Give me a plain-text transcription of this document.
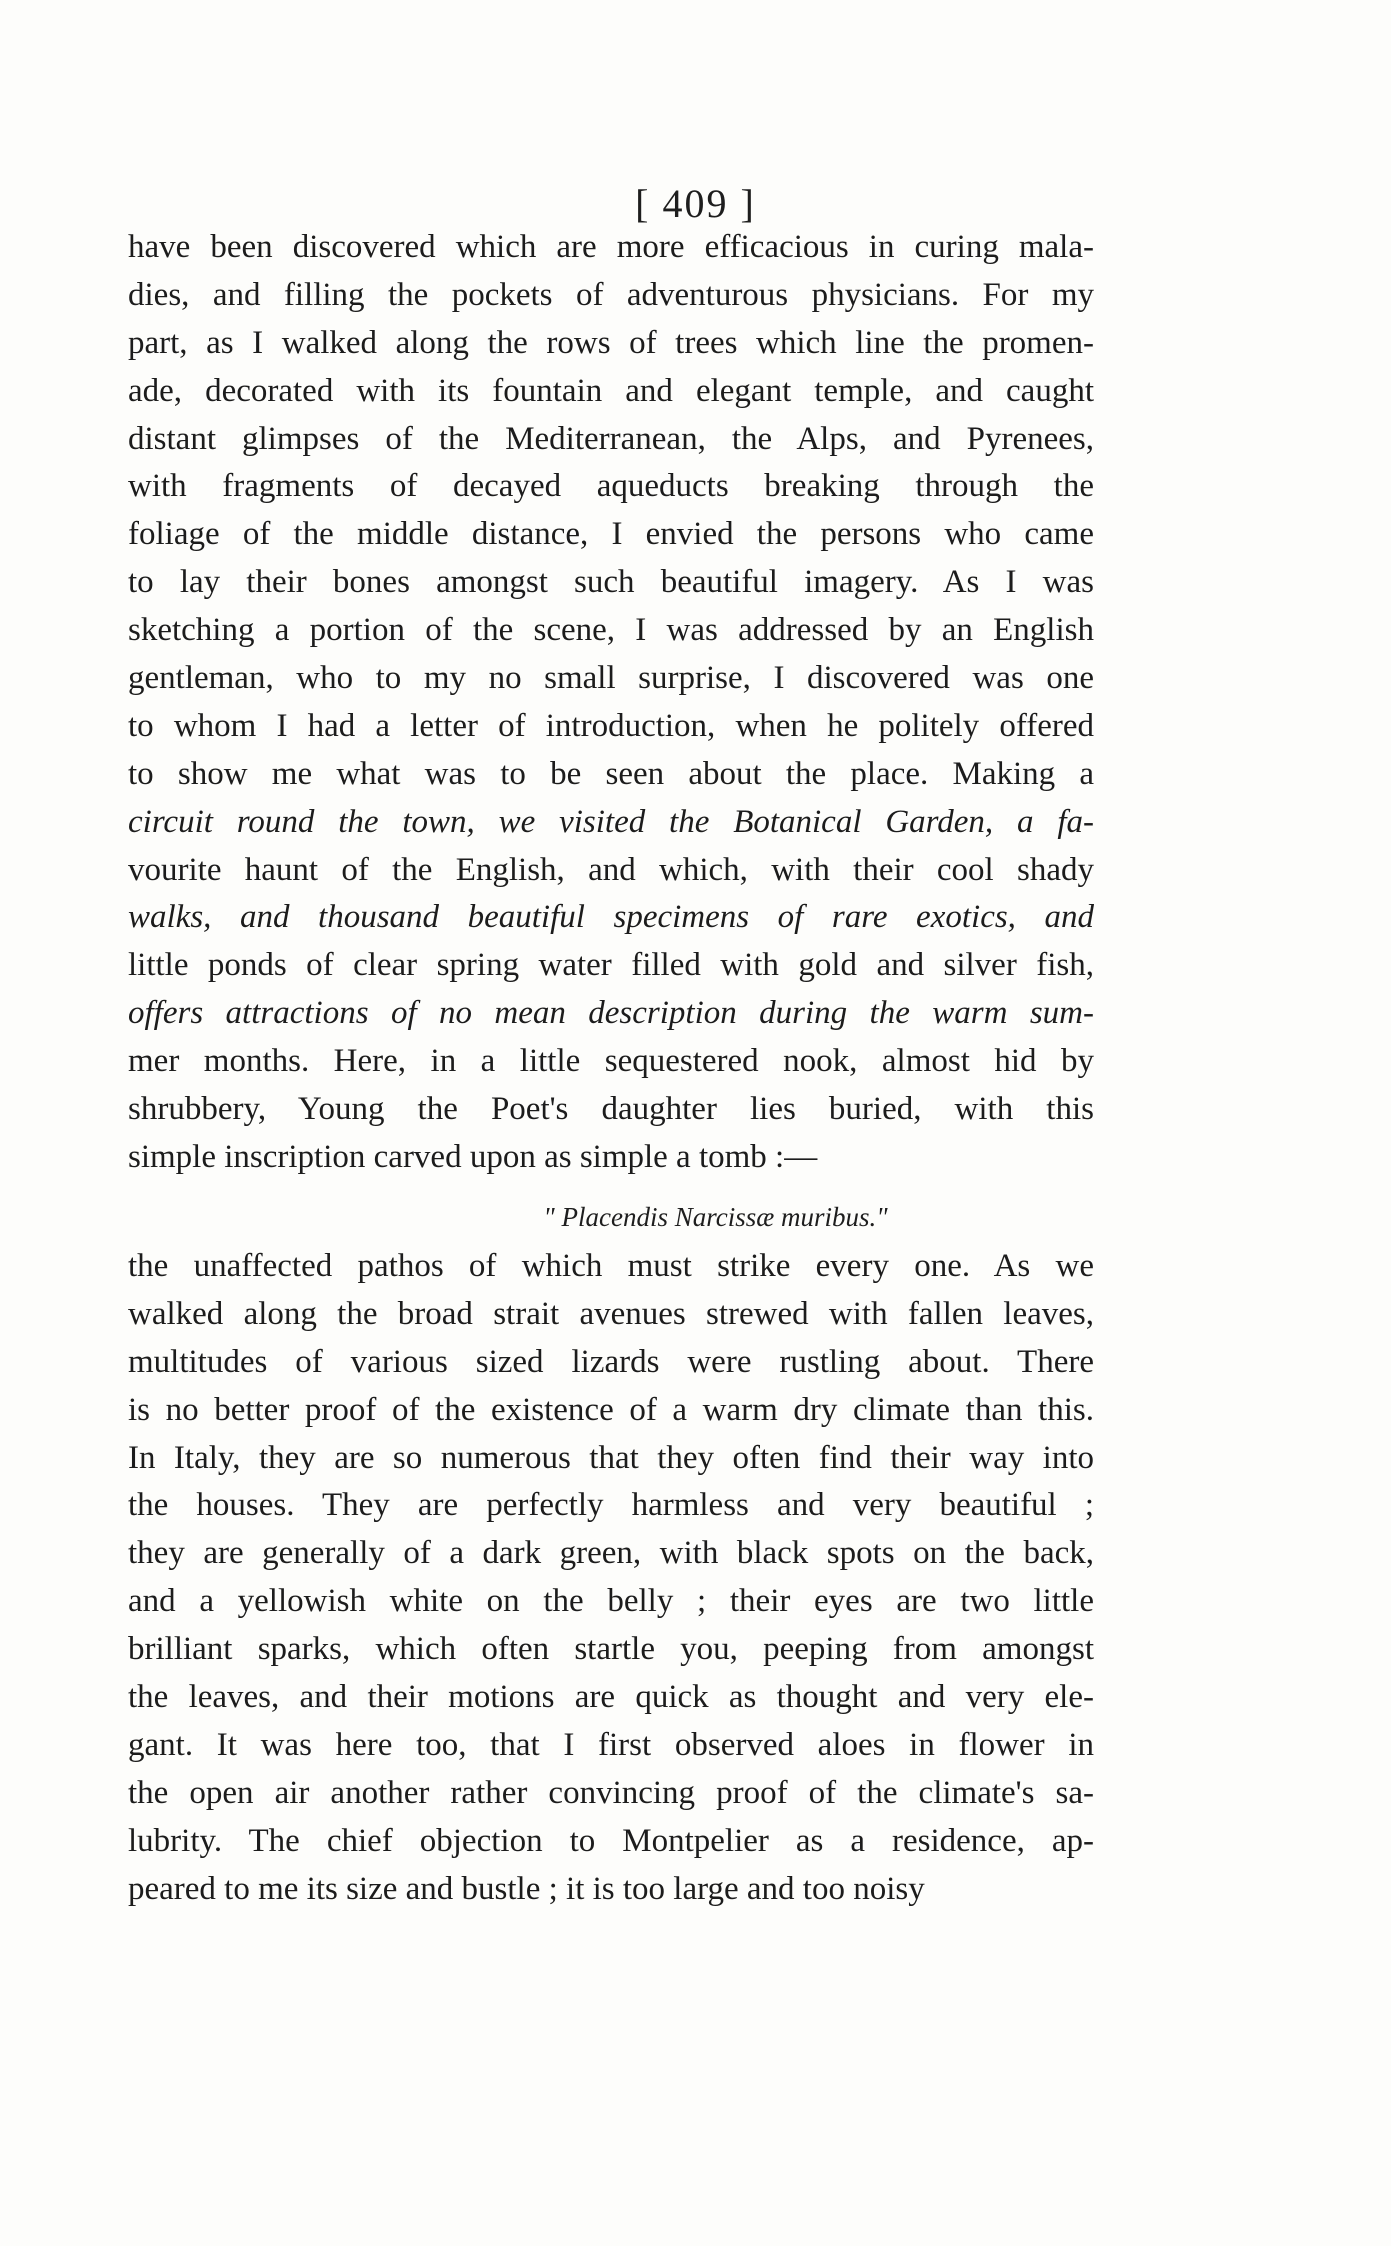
[ 409 ]
have been discovered which are more efficacious in curing mala-
dies, and filling the pockets of adventurous physicians. For my
part, as I walked along the rows of trees which line the promen-
ade, decorated with its fountain and elegant temple, and caught
distant glimpses of the Mediterranean, the Alps, and Pyrenees,
with fragments of decayed aqueducts breaking through the
foliage of the middle distance, I envied the persons who came
to lay their bones amongst such beautiful imagery. As I was
sketching a portion of the scene, I was addressed by an English
gentleman, who to my no small surprise, I discovered was one
to whom I had a letter of introduction, when he politely offered
to show me what was to be seen about the place. Making a
circuit round the town, we visited the Botanical Garden, a fa-
vourite haunt of the English, and which, with their cool shady
walks, and thousand beautiful specimens of rare exotics, and
little ponds of clear spring water filled with gold and silver fish,
offers attractions of no mean description during the warm sum-
mer months. Here, in a little sequestered nook, almost hid by
shrubbery, Young the Poet's daughter lies buried, with this
simple inscription carved upon as simple a tomb :—
" Placendis Narcissæ muribus."
the unaffected pathos of which must strike every one. As we
walked along the broad strait avenues strewed with fallen leaves,
multitudes of various sized lizards were rustling about. There
is no better proof of the existence of a warm dry climate than this.
In Italy, they are so numerous that they often find their way into
the houses. They are perfectly harmless and very beautiful ;
they are generally of a dark green, with black spots on the back,
and a yellowish white on the belly ; their eyes are two little
brilliant sparks, which often startle you, peeping from amongst
the leaves, and their motions are quick as thought and very ele-
gant. It was here too, that I first observed aloes in flower in
the open air another rather convincing proof of the climate's sa-
lubrity. The chief objection to Montpelier as a residence, ap-
peared to me its size and bustle ; it is too large and too noisy
